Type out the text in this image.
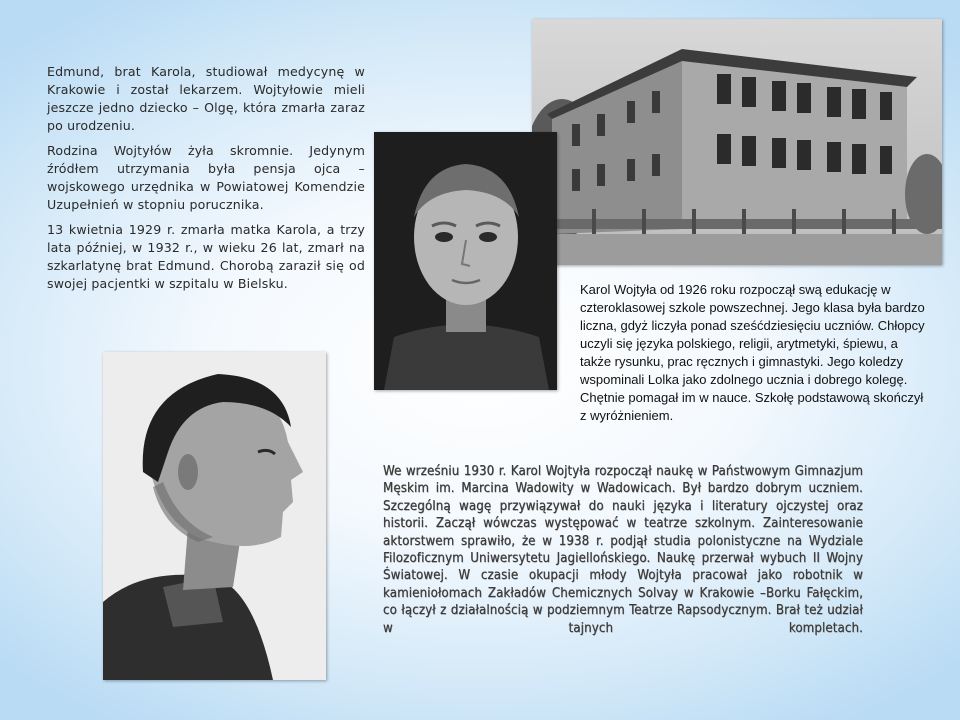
Edmund, brat Karola, studiował medycynę w Krakowie i został lekarzem. Wojtyłowie mieli jeszcze jedno dziecko – Olgę, która zmarła zaraz po urodzeniu.

Rodzina Wojtyłów żyła skromnie. Jedynym źródłem utrzymania była pensja ojca – wojskowego urzędnika w Powiatowej Komendzie Uzupełnień w stopniu porucznika.

13 kwietnia 1929 r. zmarła matka Karola, a trzy lata później, w 1932 r., w wieku 26 lat, zmarł na szkarlatynę brat Edmund. Chorobą zaraził się od swojej pacjentki w szpitalu w Bielsku.	Karol Wojtyła od 1926 roku rozpoczął swą edukację w czteroklasowej szkole powszechnej. Jego klasa była bardzo liczna, gdyż liczyła ponad sześćdziesięciu uczniów. Chłopcy uczyli się języka polskiego, religii, arytmetyki, śpiewu, a także rysunku, prac ręcznych i gimnastyki. Jego koledzy wspominali Lolka jako zdolnego ucznia i dobrego kolegę. Chętnie pomagał im w nauce. Szkołę podstawową skończył z wyróżnieniem.
We wrześniu 1930 r. Karol Wojtyła rozpoczął naukę w Państwowym Gimnazjum Męskim im. Marcina Wadowity w Wadowicach. Był bardzo dobrym uczniem. Szczególną wagę przywiązywał do nauki języka i literatury ojczystej oraz historii. Zaczął wówczas występować w teatrze szkolnym. Zainteresowanie aktorstwem sprawiło, że w 1938 r. podjął studia polonistyczne na Wydziale Filozoficznym Uniwersytetu Jagiellońskiego. Naukę przerwał wybuch II Wojny Światowej. W czasie okupacji młody Wojtyła pracował jako robotnik w kamieniołomach Zakładów Chemicznych Solvay w Krakowie –Borku Fałęckim, co łączył z działalnością w podziemnym Teatrze Rapsodycznym. Brał też udział w tajnych kompletach.
